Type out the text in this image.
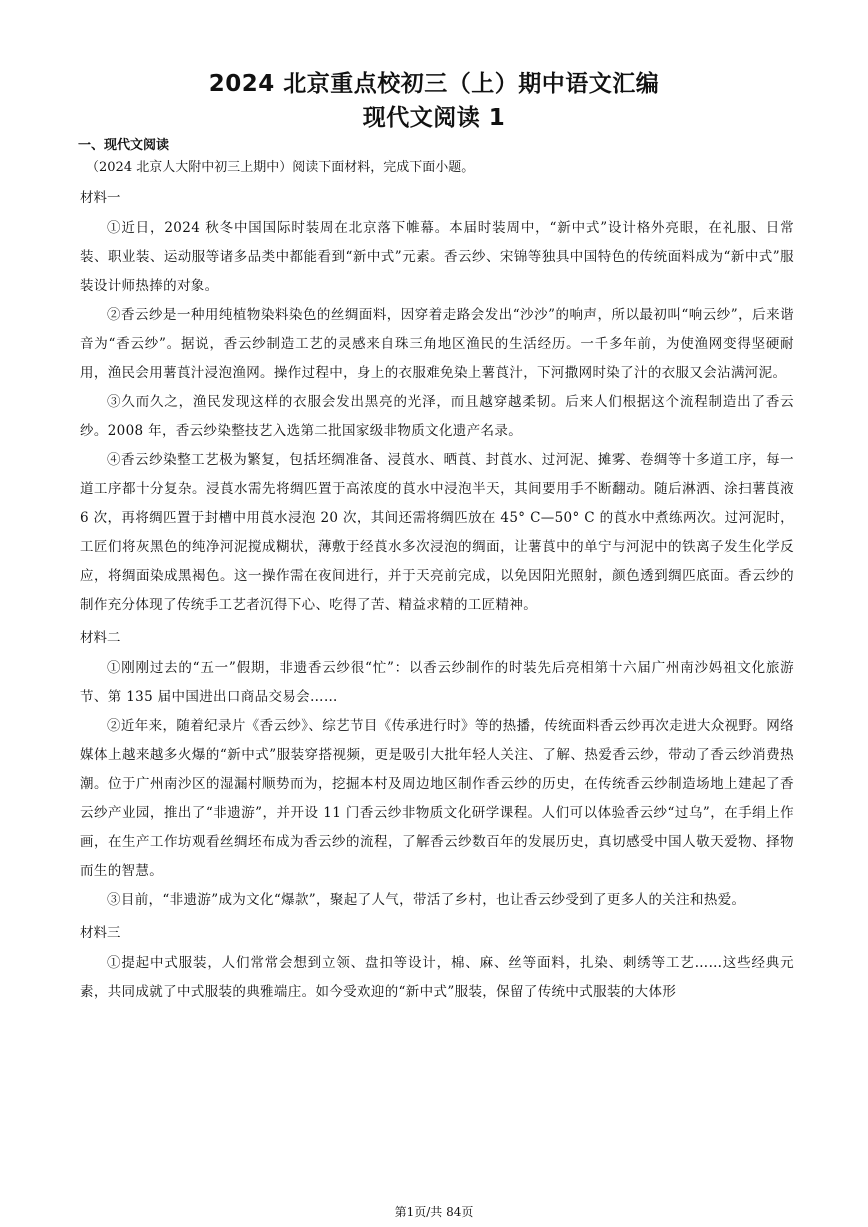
2024 北京重点校初三（上）期中语文汇编
现代文阅读 1
一、现代文阅读
（2024 北京人大附中初三上期中）阅读下面材料，完成下面小题。
材料一

①近日，2024 秋冬中国国际时装周在北京落下帷幕。本届时装周中，“新中式”设计格外亮眼，在礼服、日常装、职业装、运动服等诸多品类中都能看到“新中式”元素。香云纱、宋锦等独具中国特色的传统面料成为“新中式”服装设计师热捧的对象。

②香云纱是一种用纯植物染料染色的丝绸面料，因穿着走路会发出“沙沙”的响声，所以最初叫“响云纱”，后来谐音为“香云纱”。据说，香云纱制造工艺的灵感来自珠三角地区渔民的生活经历。一千多年前，为使渔网变得坚硬耐用，渔民会用薯莨汁浸泡渔网。操作过程中，身上的衣服难免染上薯莨汁，下河撒网时染了汁的衣服又会沾满河泥。

③久而久之，渔民发现这样的衣服会发出黑亮的光泽，而且越穿越柔韧。后来人们根据这个流程制造出了香云纱。2008 年，香云纱染整技艺入选第二批国家级非物质文化遗产名录。

④香云纱染整工艺极为繁复，包括坯绸准备、浸莨水、晒莨、封莨水、过河泥、摊雾、卷绸等十多道工序，每一道工序都十分复杂。浸莨水需先将绸匹置于高浓度的莨水中浸泡半天，其间要用手不断翻动。随后淋洒、涂扫薯莨液 6 次，再将绸匹置于封槽中用莨水浸泡 20 次，其间还需将绸匹放在 45° C—50° C 的莨水中煮练两次。过河泥时，工匠们将灰黑色的纯净河泥搅成糊状，薄敷于经莨水多次浸泡的绸面，让薯莨中的单宁与河泥中的铁离子发生化学反应，将绸面染成黑褐色。这一操作需在夜间进行，并于天亮前完成，以免因阳光照射，颜色透到绸匹底面。香云纱的制作充分体现了传统手工艺者沉得下心、吃得了苦、精益求精的工匠精神。

材料二

①刚刚过去的“五一”假期，非遗香云纱很“忙”：以香云纱制作的时装先后亮相第十六届广州南沙妈祖文化旅游节、第 135 届中国进出口商品交易会……

②近年来，随着纪录片《香云纱》、综艺节目《传承进行时》等的热播，传统面料香云纱再次走进大众视野。网络媒体上越来越多火爆的“新中式”服装穿搭视频，更是吸引大批年轻人关注、了解、热爱香云纱，带动了香云纱消费热潮。位于广州南沙区的湿漏村顺势而为，挖掘本村及周边地区制作香云纱的历史，在传统香云纱制造场地上建起了香云纱产业园，推出了“非遗游”，并开设 11 门香云纱非物质文化研学课程。人们可以体验香云纱“过乌”，在手绢上作画，在生产工作坊观看丝绸坯布成为香云纱的流程，了解香云纱数百年的发展历史，真切感受中国人敬天爱物、择物而生的智慧。

③目前，“非遗游”成为文化“爆款”，聚起了人气，带活了乡村，也让香云纱受到了更多人的关注和热爱。

材料三

①提起中式服装，人们常常会想到立领、盘扣等设计，棉、麻、丝等面料，扎染、刺绣等工艺……这些经典元素，共同成就了中式服装的典雅端庄。如今受欢迎的“新中式”服装，保留了传统中式服装的大体形

第1页/共 84页
